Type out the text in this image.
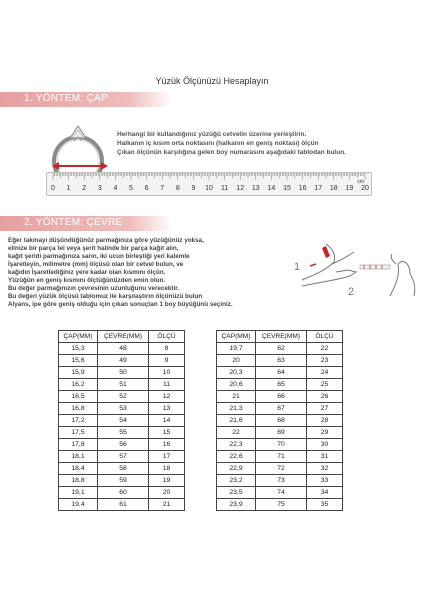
Yüzük Ölçünüzü Hesaplayın
1. YÖNTEM: ÇAP
Herhangi bir kullandığınız yüzüğü cetvelin üzerine yerleştirin.
Halkanın iç kısım orta noktasını (halkanın en geniş noktası) ölçün
Çıkan ölçünün karşılığına gelen boy numarasını aşağıdaki tablodan bulun.
0 1 2 3 4 5 6 7 8 9 10 11 12 13 14 15 16 17 18 19 20
cm
2. YÖNTEM: ÇEVRE
Eğer takmayı düşündüğünüz parmağınıza göre yüzüğünüz yoksa,
elinize bir parça tel veya şerit halinde bir parça kağıt alın,
kağıt şeridi parmağınıza sarın, iki ucun birleştiği yeri kalemle
İşaretleyin, milimetre (mm) ölçüsü olan bir cetvel bulun, ve
kağıdın İşaretlediğiniz yere kadar olan kısmını ölçün.
Yüzüğün en geniş kısmını ölçtüğünüzden emin olun.
Bu değer parmağınızın çevresinin uzunluğunu verecektir.
Bu değeri yüzük ölçüsü tablomuz ile karşılaştırın ölçünüzü bulun
Alyans, ipe göre geniş olduğu için çıkan sonuçtan 1 boy büyüğünü seçiniz.
1
2
ÇAP(MM)	ÇEVRE(MM)	ÖLÇÜ
15,3	48	8
15,6	49	9
15,9	50	10
16,2	51	11
16,5	52	12
16,8	53	13
17,2	54	14
17,5	55	15
17,8	56	16
18,1	57	17
18,4	58	18
18,8	59	19
19,1	60	20
19,4	61	21
ÇAP(MM)	ÇEVRE(MM)	ÖLÇÜ
19,7	62	22
20	63	23
20,3	64	24
20,6	65	25
21	66	26
21,3	67	27
21,6	68	28
22	69	29
22,3	70	30
22,6	71	31
22,9	72	32
23,2	73	33
23,5	74	34
23,9	75	35
